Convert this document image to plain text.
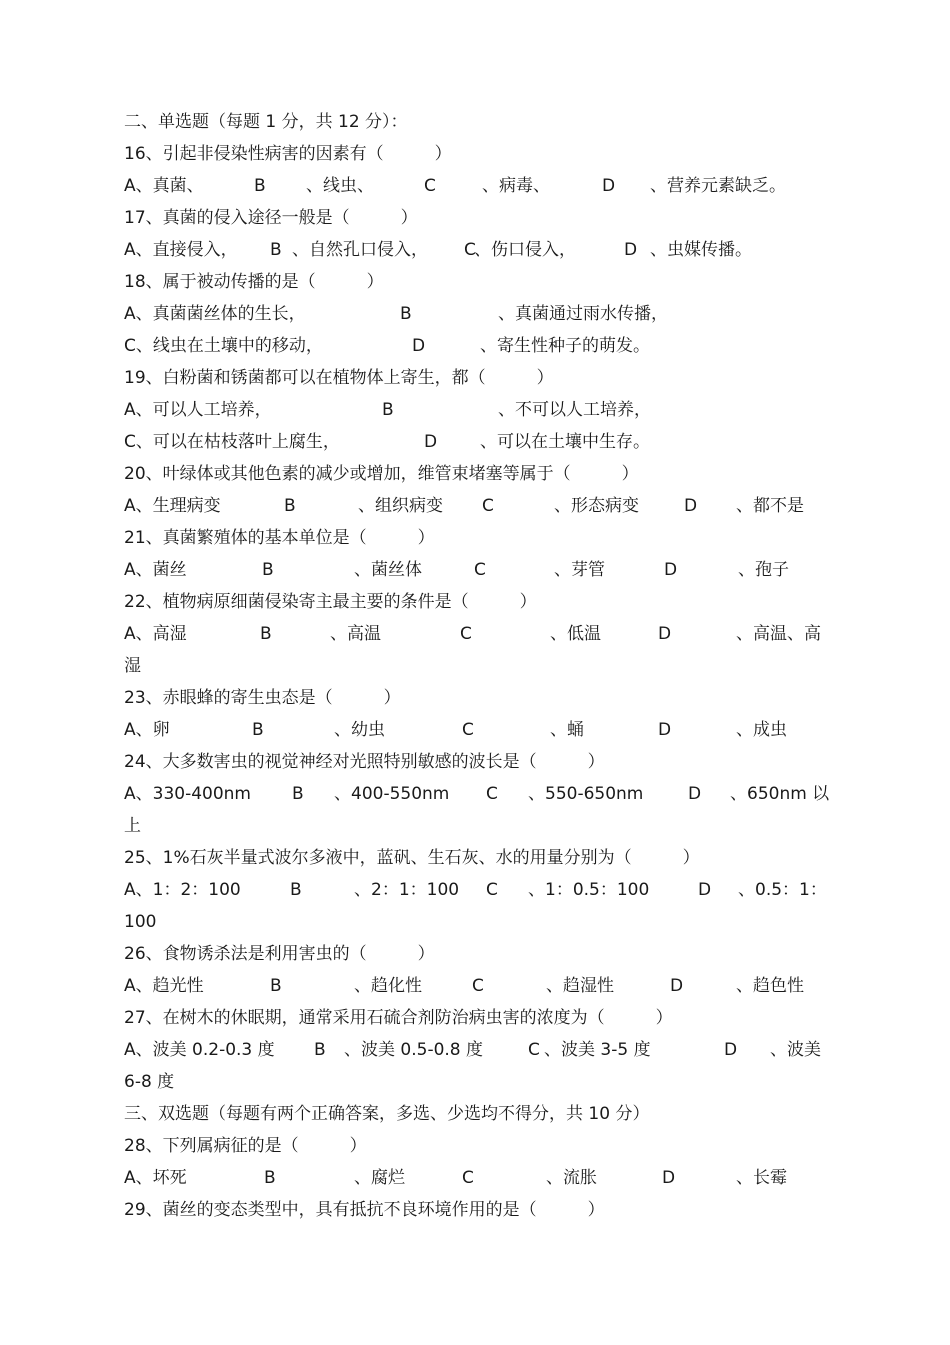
二、单选题（每题 1 分，共 12 分）：
16、引起非侵染性病害的因素有（　　　）
A、真菌、	B 、线虫、	C	、病毒、	D 、营养元素缺乏。
17、真菌的侵入途径一般是（　　　）
A、直接侵入， B 、自然孔口侵入， C
、伤口侵入，	D 、虫媒传播。
18、属于被动传播的是（　　　）
A、真菌菌丝体的生长，	B	、真菌通过雨水传播，
C、线虫在土壤中的移动，	D	、寄生性种子的萌发。
19、白粉菌和锈菌都可以在植物体上寄生，都（　　　）
A、可以人工培养，	B	、不可以人工培养，
C、可以在枯枝落叶上腐生，	D	、可以在土壤中生存。
20、叶绿体或其他色素的减少或增加，维管束堵塞等属于（　　　）
A、生理病变	B	、组织病变 C	、形态病变	D 、都不是
21、真菌繁殖体的基本单位是（　　　）
A、菌丝	B	、菌丝体	C	、芽管	D	、孢子
22、植物病原细菌侵染寄主最主要的条件是（　　　）
A、高湿	B	、高温	C	、低温	D	、高温、高
湿
23、赤眼蜂的寄生虫态是（　　　）
A、卵	B	、幼虫	C	、蛹	D	、成虫
24、大多数害虫的视觉神经对光照特别敏感的波长是（　　　）
A、330-400nm B 、400-550nm C 、550-650nm	D 、650nm 以
上
25、1%石灰半量式波尔多液中，蓝矾、生石灰、水的用量分别为（　　　）
A、1：2：100	B	、2：1：100 C 、1：0.5：100	D 、0.5：1：
100
26、食物诱杀法是利用害虫的（　　　）
A、趋光性	B	、趋化性	C	、趋湿性	D	、趋色性
27、在树木的休眠期，通常采用石硫合剂防治病虫害的浓度为（　　　）
A、波美 0.2-0.3 度 B 、波美 0.5-0.8 度	C 、波美 3-5 度	D 、波美
6-8 度
三、双选题（每题有两个正确答案，多选、少选均不得分，共 10 分）
28、下列属病征的是（　　　）
A、坏死	B	、腐烂	C	、流胀	D	、长霉
29、菌丝的变态类型中，具有抵抗不良环境作用的是（　　　）
